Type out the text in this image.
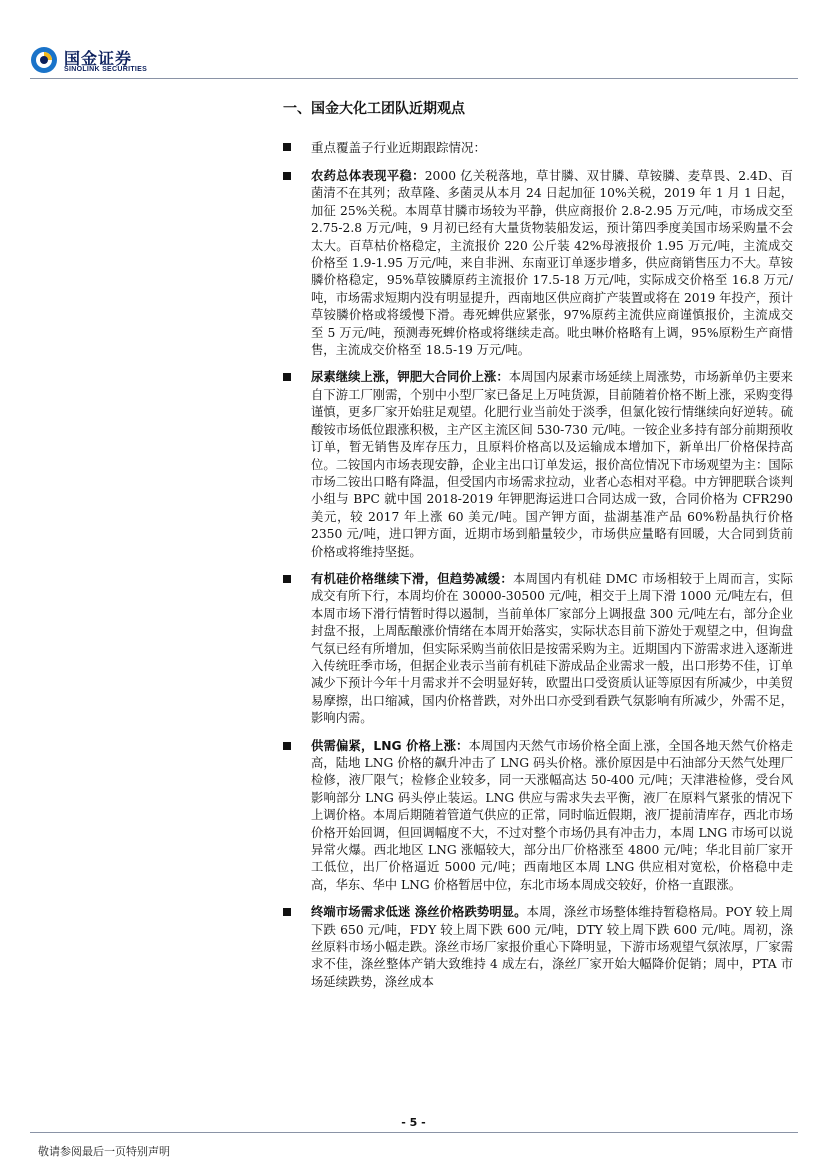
国金证券
SINOLINK SECURITIES
一、国金大化工团队近期观点
重点覆盖子行业近期跟踪情况：

农药总体表现平稳：2000 亿关税落地，草甘膦、双甘膦、草铵膦、麦草畏、2.4D、百菌清不在其列；敌草隆、多菌灵从本月 24 日起加征 10%关税，2019 年 1 月 1 日起，加征 25%关税。本周草甘膦市场较为平静，供应商报价 2.8-2.95 万元/吨，市场成交至 2.75-2.8 万元/吨，9 月初已经有大量货物装船发运，预计第四季度美国市场采购量不会太大。百草枯价格稳定，主流报价 220 公斤装 42%母液报价 1.95 万元/吨，主流成交价格至 1.9-1.95 万元/吨，来自非洲、东南亚订单逐步增多，供应商销售压力不大。草铵膦价格稳定，95%草铵膦原药主流报价 17.5-18 万元/吨，实际成交价格至 16.8 万元/吨，市场需求短期内没有明显提升，西南地区供应商扩产装置或将在 2019 年投产，预计草铵膦价格或将缓慢下滑。毒死蜱供应紧张，97%原药主流供应商谨慎报价，主流成交至 5 万元/吨，预测毒死蜱价格或将继续走高。吡虫啉价格略有上调，95%原粉生产商惜售，主流成交价格至 18.5-19 万元/吨。

尿素继续上涨，钾肥大合同价上涨：本周国内尿素市场延续上周涨势，市场新单仍主要来自下游工厂刚需，个别中小型厂家已备足上万吨货源，目前随着价格不断上涨，采购变得谨慎，更多厂家开始驻足观望。化肥行业当前处于淡季，但氯化铵行情继续向好逆转。硫酸铵市场低位跟涨积极，主产区主流区间 530-730 元/吨。一铵企业多持有部分前期预收订单，暂无销售及库存压力，且原料价格高以及运输成本增加下，新单出厂价格保持高位。二铵国内市场表现安静，企业主出口订单发运，报价高位情况下市场观望为主：国际市场二铵出口略有降温，但受国内市场需求拉动，业者心态相对平稳。中方钾肥联合谈判小组与 BPC 就中国 2018-2019 年钾肥海运进口合同达成一致，合同价格为 CFR290 美元，较 2017 年上涨 60 美元/吨。国产钾方面，盐湖基准产品 60%粉晶执行价格 2350 元/吨，进口钾方面，近期市场到船量较少，市场供应量略有回暖，大合同到货前价格或将维持坚挺。

有机硅价格继续下滑，但趋势减缓：本周国内有机硅 DMC 市场相较于上周而言，实际成交有所下行，本周均价在 30000-30500 元/吨，相交于上周下滑 1000 元/吨左右，但本周市场下滑行情暂时得以遏制，当前单体厂家部分上调报盘 300 元/吨左右，部分企业封盘不报，上周酝酿涨价情绪在本周开始落实，实际状态目前下游处于观望之中，但询盘气氛已经有所增加，但实际采购当前依旧是按需采购为主。近期国内下游需求进入逐渐进入传统旺季市场，但据企业表示当前有机硅下游成品企业需求一般，出口形势不佳，订单减少下预计今年十月需求并不会明显好转，欧盟出口受资质认证等原因有所减少，中美贸易摩擦，出口缩减，国内价格普跌，对外出口亦受到看跌气氛影响有所减少，外需不足，影响内需。

供需偏紧，LNG 价格上涨：本周国内天然气市场价格全面上涨，全国各地天然气价格走高，陆地 LNG 价格的飙升冲击了 LNG 码头价格。涨价原因是中石油部分天然气处理厂检修，液厂限气；检修企业较多，同一天涨幅高达 50-400 元/吨；天津港检修，受台风影响部分 LNG 码头停止装运。LNG 供应与需求失去平衡，液厂在原料气紧张的情况下上调价格。本周后期随着管道气供应的正常，同时临近假期，液厂提前清库存，西北市场价格开始回调，但回调幅度不大，不过对整个市场仍具有冲击力，本周 LNG 市场可以说异常火爆。西北地区 LNG 涨幅较大，部分出厂价格涨至 4800 元/吨；华北目前厂家开工低位，出厂价格逼近 5000 元/吨；西南地区本周 LNG 供应相对宽松，价格稳中走高，华东、华中 LNG 价格暂居中位，东北市场本周成交较好，价格一直跟涨。

终端市场需求低迷 涤丝价格跌势明显。本周，涤丝市场整体维持暂稳格局。POY 较上周下跌 650 元/吨，FDY 较上周下跌 600 元/吨，DTY 较上周下跌 600 元/吨。周初，涤丝原料市场小幅走跌。涤丝市场厂家报价重心下降明显，下游市场观望气氛浓厚，厂家需求不佳，涤丝整体产销大致维持 4 成左右，涤丝厂家开始大幅降价促销；周中，PTA 市场延续跌势，涤丝成本

- 5 -
敬请参阅最后一页特别声明
